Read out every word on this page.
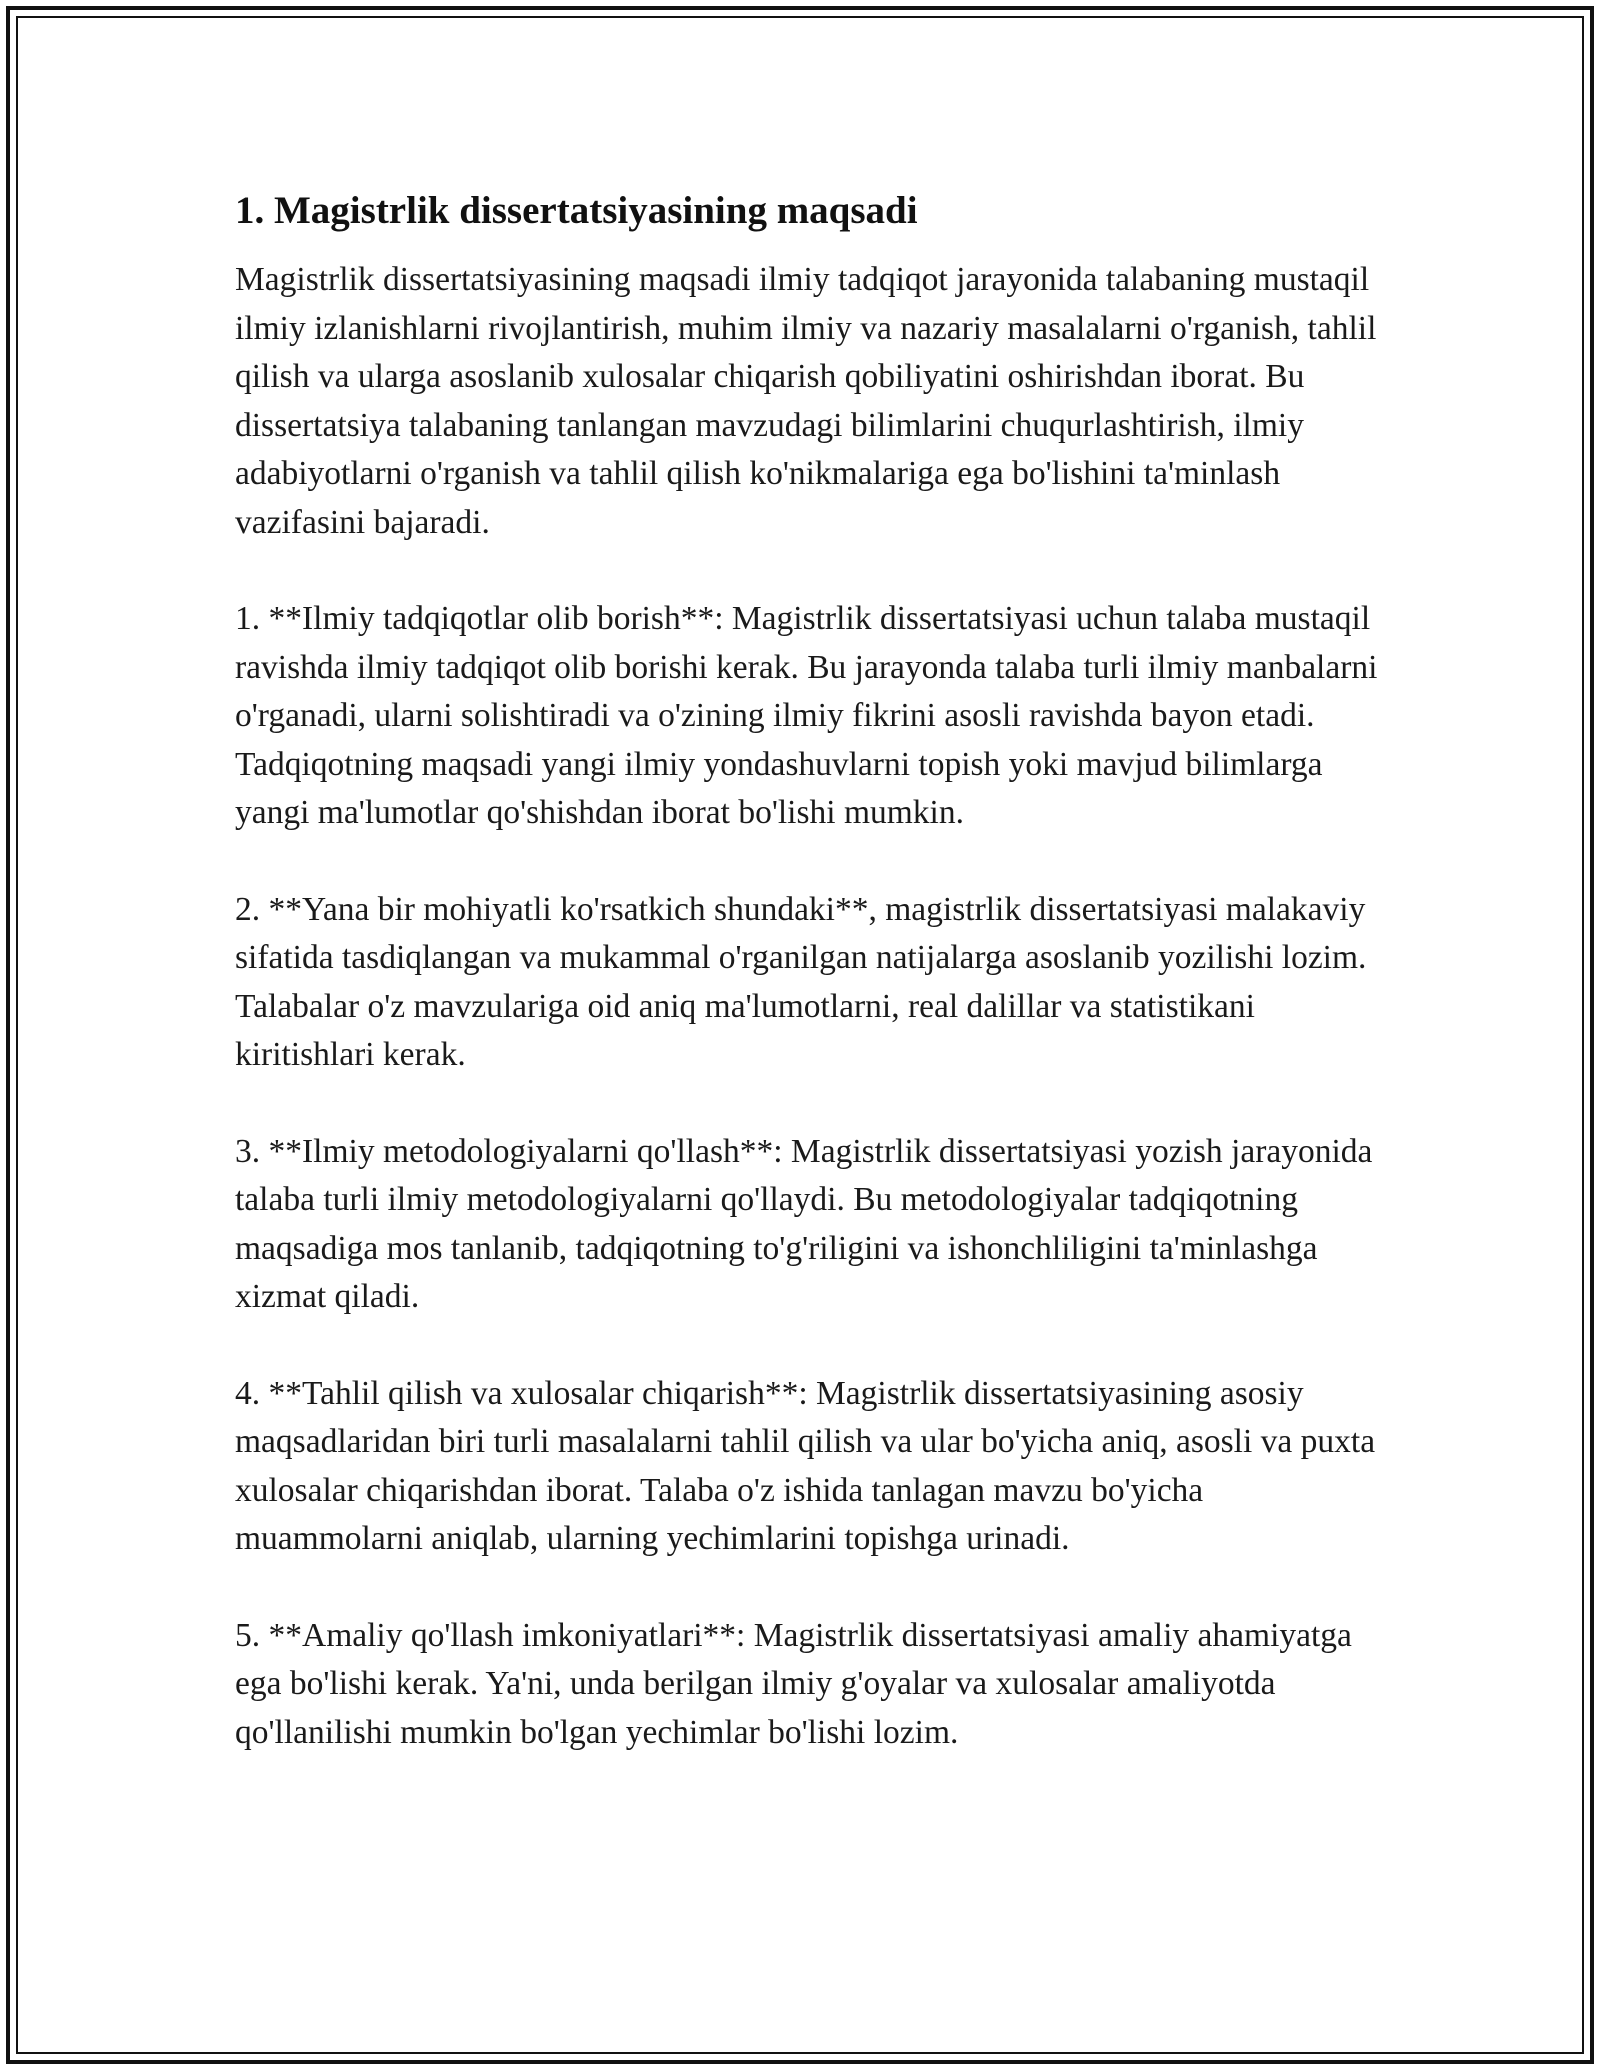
1. Magistrlik dissertatsiyasining maqsadi

Magistrlik dissertatsiyasining maqsadi ilmiy tadqiqot jarayonida talabaning mustaqil ilmiy izlanishlarni rivojlantirish, muhim ilmiy va nazariy masalalarni o'rganish, tahlil qilish va ularga asoslanib xulosalar chiqarish qobiliyatini oshirishdan iborat. Bu dissertatsiya talabaning tanlangan mavzudagi bilimlarini chuqurlashtirish, ilmiy adabiyotlarni o'rganish va tahlil qilish ko'nikmalariga ega bo'lishini ta'minlash vazifasini bajaradi.

1. **Ilmiy tadqiqotlar olib borish**: Magistrlik dissertatsiyasi uchun talaba mustaqil ravishda ilmiy tadqiqot olib borishi kerak. Bu jarayonda talaba turli ilmiy manbalarni o'rganadi, ularni solishtiradi va o'zining ilmiy fikrini asosli ravishda bayon etadi. Tadqiqotning maqsadi yangi ilmiy yondashuvlarni topish yoki mavjud bilimlarga yangi ma'lumotlar qo'shishdan iborat bo'lishi mumkin.

2. **Yana bir mohiyatli ko'rsatkich shundaki**, magistrlik dissertatsiyasi malakaviy sifatida tasdiqlangan va mukammal o'rganilgan natijalarga asoslanib yozilishi lozim. Talabalar o'z mavzulariga oid aniq ma'lumotlarni, real dalillar va statistikani kiritishlari kerak.

3. **Ilmiy metodologiyalarni qo'llash**: Magistrlik dissertatsiyasi yozish jarayonida talaba turli ilmiy metodologiyalarni qo'llaydi. Bu metodologiyalar tadqiqotning maqsadiga mos tanlanib, tadqiqotning to'g'riligini va ishonchliligini ta'minlashga xizmat qiladi.

4. **Tahlil qilish va xulosalar chiqarish**: Magistrlik dissertatsiyasining asosiy maqsadlaridan biri turli masalalarni tahlil qilish va ular bo'yicha aniq, asosli va puxta xulosalar chiqarishdan iborat. Talaba o'z ishida tanlagan mavzu bo'yicha muammolarni aniqlab, ularning yechimlarini topishga urinadi.

5. **Amaliy qo'llash imkoniyatlari**: Magistrlik dissertatsiyasi amaliy ahamiyatga ega bo'lishi kerak. Ya'ni, unda berilgan ilmiy g'oyalar va xulosalar amaliyotda qo'llanilishi mumkin bo'lgan yechimlar bo'lishi lozim.
